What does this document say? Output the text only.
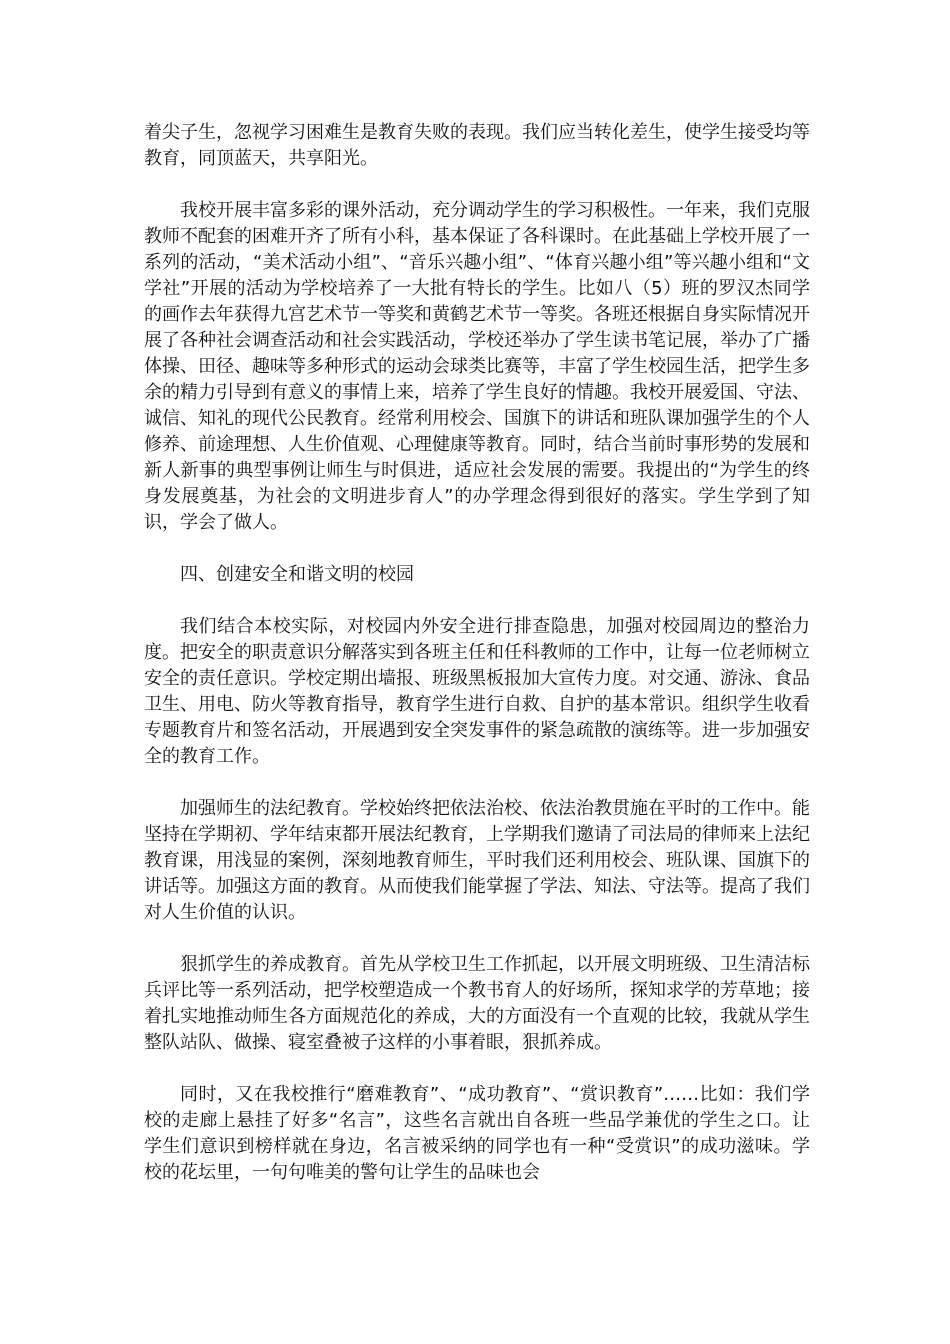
着尖子生，忽视学习困难生是教育失败的表现。我们应当转化差生，使学生接受均等教育，同顶蓝天，共享阳光。

我校开展丰富多彩的课外活动，充分调动学生的学习积极性。一年来，我们克服教师不配套的困难开齐了所有小科，基本保证了各科课时。在此基础上学校开展了一系列的活动，“美术活动小组”、“音乐兴趣小组”、“体育兴趣小组”等兴趣小组和“文学社”开展的活动为学校培养了一大批有特长的学生。比如八（5）班的罗汉杰同学的画作去年获得九宫艺术节一等奖和黄鹤艺术节一等奖。各班还根据自身实际情况开展了各种社会调查活动和社会实践活动，学校还举办了学生读书笔记展，举办了广播体操、田径、趣味等多种形式的运动会球类比赛等，丰富了学生校园生活，把学生多余的精力引导到有意义的事情上来，培养了学生良好的情趣。我校开展爱国、守法、诚信、知礼的现代公民教育。经常利用校会、国旗下的讲话和班队课加强学生的个人修养、前途理想、人生价值观、心理健康等教育。同时，结合当前时事形势的发展和新人新事的典型事例让师生与时俱进，适应社会发展的需要。我提出的“为学生的终身发展奠基，为社会的文明进步育人”的办学理念得到很好的落实。学生学到了知识，学会了做人。

四、创建安全和谐文明的校园

我们结合本校实际，对校园内外安全进行排查隐患，加强对校园周边的整治力度。把安全的职责意识分解落实到各班主任和任科教师的工作中，让每一位老师树立安全的责任意识。学校定期出墙报、班级黑板报加大宣传力度。对交通、游泳、食品卫生、用电、防火等教育指导，教育学生进行自救、自护的基本常识。组织学生收看专题教育片和签名活动，开展遇到安全突发事件的紧急疏散的演练等。进一步加强安全的教育工作。

加强师生的法纪教育。学校始终把依法治校、依法治教贯施在平时的工作中。能坚持在学期初、学年结束都开展法纪教育，上学期我们邀请了司法局的律师来上法纪教育课，用浅显的案例，深刻地教育师生，平时我们还利用校会、班队课、国旗下的讲话等。加强这方面的教育。从而使我们能掌握了学法、知法、守法等。提高了我们对人生价值的认识。

狠抓学生的养成教育。首先从学校卫生工作抓起，以开展文明班级、卫生清洁标兵评比等一系列活动，把学校塑造成一个教书育人的好场所，探知求学的芳草地；接着扎实地推动师生各方面规范化的养成，大的方面没有一个直观的比较，我就从学生整队站队、做操、寝室叠被子这样的小事着眼，狠抓养成。

同时，又在我校推行“磨难教育”、“成功教育”、“赏识教育”……比如：我们学校的走廊上悬挂了好多“名言”，这些名言就出自各班一些品学兼优的学生之口。让学生们意识到榜样就在身边，名言被采纳的同学也有一种“受赏识”的成功滋味。学校的花坛里，一句句唯美的警句让学生的品味也会
